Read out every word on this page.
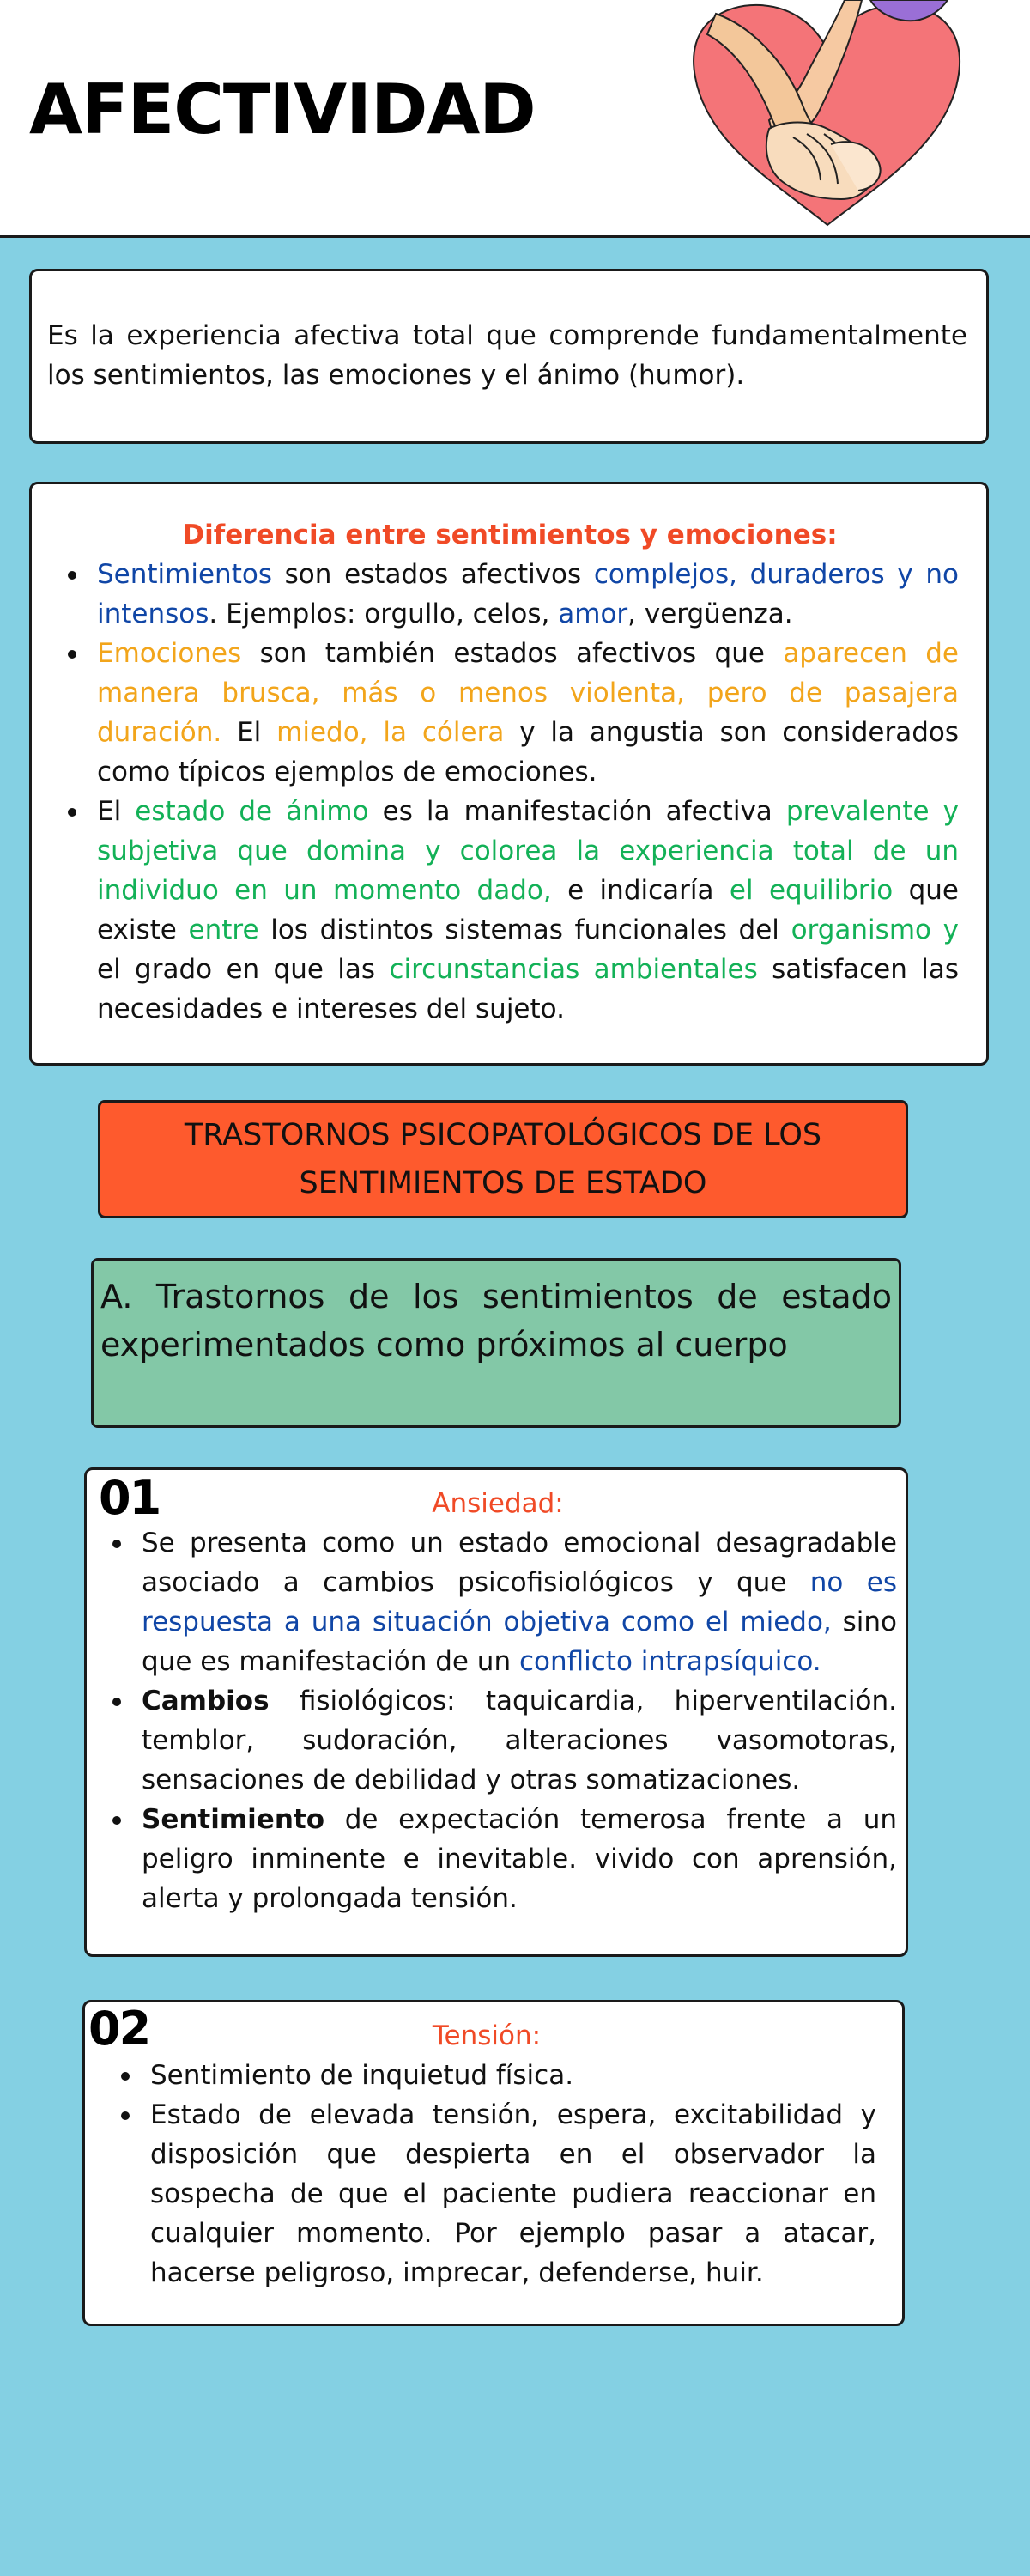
AFECTIVIDAD

Es la experiencia afectiva total que comprende fundamentalmente los sentimientos, las emociones y el ánimo (humor).

Diferencia entre sentimientos y emociones:

Sentimientos son estados afectivos complejos, duraderos y no intensos. Ejemplos: orgullo, celos, amor, vergüenza.
Emociones son también estados afectivos que aparecen de manera brusca, más o menos violenta, pero de pasajera duración. El miedo, la cólera y la angustia son considerados como típicos ejemplos de emociones.
El estado de ánimo es la manifestación afectiva prevalente y subjetiva que domina y colorea la experiencia total de un individuo en un momento dado, e indicaría el equilibrio que existe entre los distintos sistemas funcionales del organismo y el grado en que las circunstancias ambientales satisfacen las necesidades e intereses del sujeto.

TRASTORNOS PSICOPATOLÓGICOS DE LOS SENTIMIENTOS DE ESTADO

A. Trastornos de los sentimientos de estado experimentados como próximos al cuerpo

01	Ansiedad:

Se presenta como un estado emocional desagradable asociado a cambios psicofisiológicos y que no es respuesta a una situación objetiva como el miedo, sino que es manifestación de un conflicto intrapsíquico.
Cambios fisiológicos: taquicardia, hiperventilación. temblor, sudoración, alteraciones vasomotoras, sensaciones de debilidad y otras somatizaciones.
Sentimiento de expectación temerosa frente a un peligro inminente e inevitable. vivido con aprensión, alerta y prolongada tensión.
02	Tensión:

Sentimiento de inquietud física.
Estado de elevada tensión, espera, excitabilidad y disposición que despierta en el observador la sospecha de que el paciente pudiera reaccionar en cualquier momento. Por ejemplo pasar a atacar, hacerse peligroso, imprecar, defenderse, huir.
